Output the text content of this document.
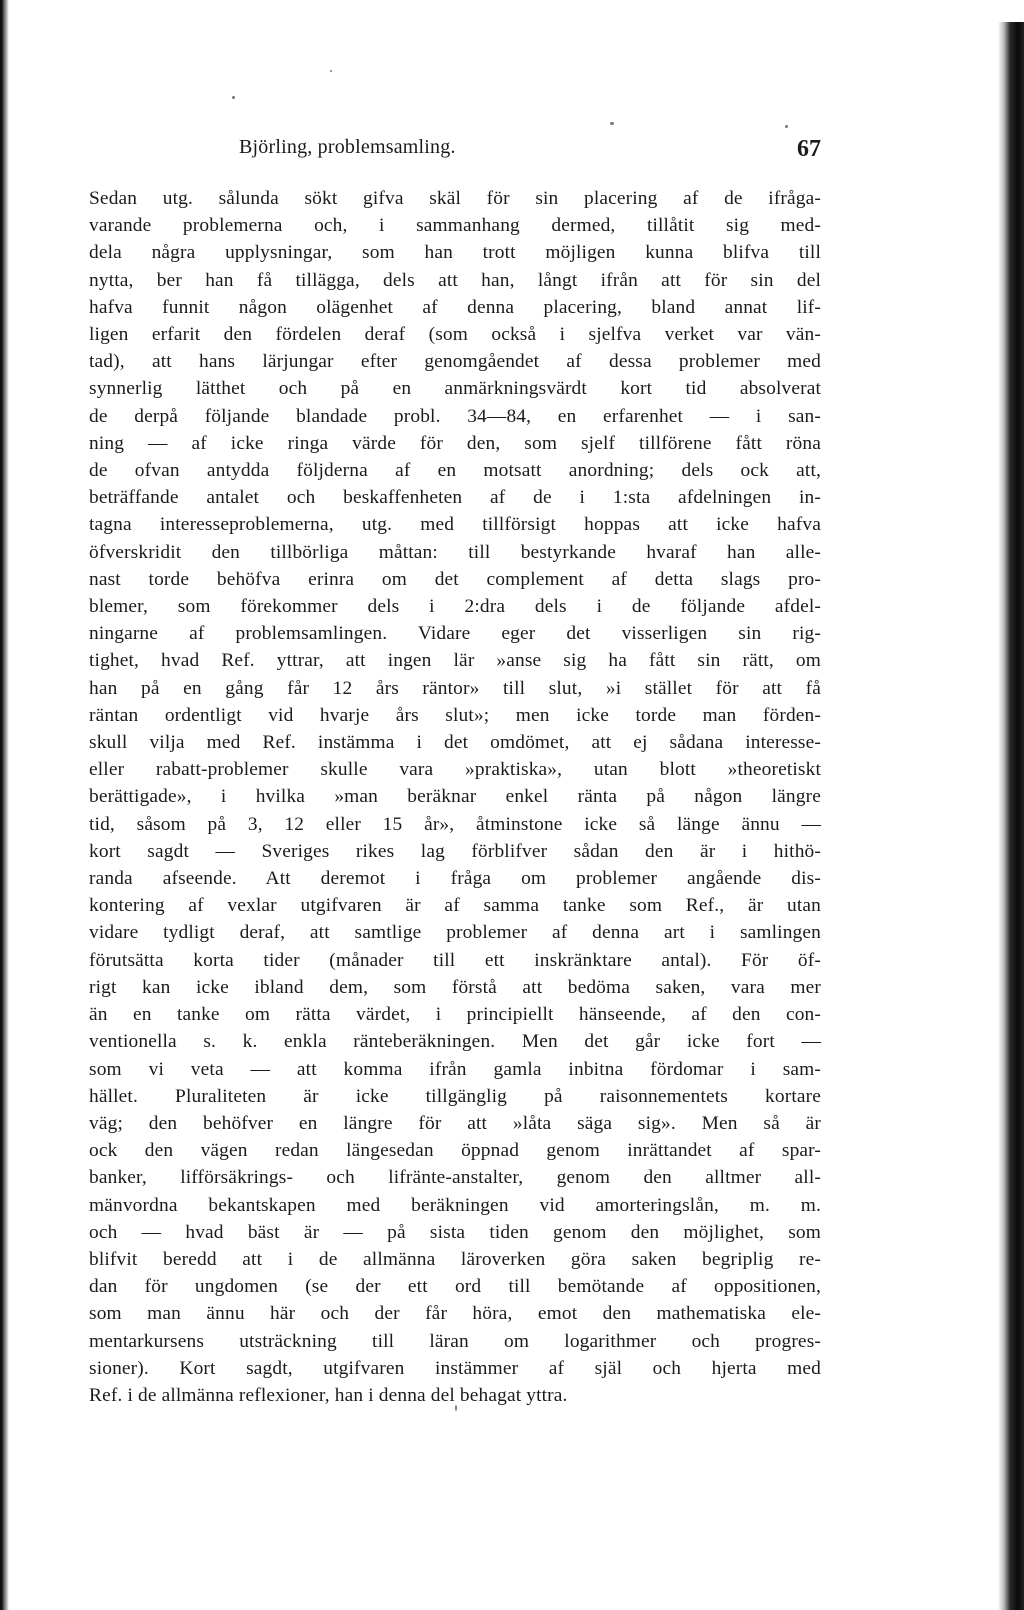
Björling, problemsamling.	67
Sedan utg. sålunda sökt gifva skäl för sin placering af de ifråga-
varande problemerna och, i sammanhang dermed, tillåtit sig med-
dela några upplysningar, som han trott möjligen kunna blifva till
nytta, ber han få tillägga, dels att han, långt ifrån att för sin del
hafva funnit någon olägenhet af denna placering, bland annat lif-
ligen erfarit den fördelen deraf (som också i sjelfva verket var vän-
tad), att hans lärjungar efter genomgåendet af dessa problemer med
synnerlig lätthet och på en anmärkningsvärdt kort tid absolverat
de derpå följande blandade probl. 34—84, en erfarenhet — i san-
ning — af icke ringa värde för den, som sjelf tillförene fått röna
de ofvan antydda följderna af en motsatt anordning; dels ock att,
beträffande antalet och beskaffenheten af de i 1:sta afdelningen in-
tagna interesseproblemerna, utg. med tillförsigt hoppas att icke hafva
öfverskridit den tillbörliga måttan: till bestyrkande hvaraf han alle-
nast torde behöfva erinra om det complement af detta slags pro-
blemer, som förekommer dels i 2:dra dels i de följande afdel-
ningarne af problemsamlingen. Vidare eger det visserligen sin rig-
tighet, hvad Ref. yttrar, att ingen lär »anse sig ha fått sin rätt, om
han på en gång får 12 års räntor» till slut, »i stället för att få
räntan ordentligt vid hvarje års slut»; men icke torde man förden-
skull vilja med Ref. instämma i det omdömet, att ej sådana interesse-
eller rabatt-problemer skulle vara »praktiska», utan blott »theoretiskt
berättigade», i hvilka »man beräknar enkel ränta på någon längre
tid, såsom på 3, 12 eller 15 år», åtminstone icke så länge ännu —
kort sagdt — Sveriges rikes lag förblifver sådan den är i hithö-
randa afseende. Att deremot i fråga om problemer angående dis-
kontering af vexlar utgifvaren är af samma tanke som Ref., är utan
vidare tydligt deraf, att samtlige problemer af denna art i samlingen
förutsätta korta tider (månader till ett inskränktare antal). För öf-
rigt kan icke ibland dem, som förstå att bedöma saken, vara mer
än en tanke om rätta värdet, i principiellt hänseende, af den con-
ventionella s. k. enkla ränteberäkningen. Men det går icke fort —
som vi veta — att komma ifrån gamla inbitna fördomar i sam-
hället. Pluraliteten är icke tillgänglig på raisonnementets kortare
väg; den behöfver en längre för att »låta säga sig». Men så är
ock den vägen redan längesedan öppnad genom inrättandet af spar-
banker, lifförsäkrings- och lifränte-anstalter, genom den alltmer all-
mänvordna bekantskapen med beräkningen vid amorteringslån, m. m.
och — hvad bäst är — på sista tiden genom den möjlighet, som
blifvit beredd att i de allmänna läroverken göra saken begriplig re-
dan för ungdomen (se der ett ord till bemötande af oppositionen,
som man ännu här och der får höra, emot den mathematiska ele-
mentarkursens utsträckning till läran om logarithmer och progres-
sioner). Kort sagdt, utgifvaren instämmer af själ och hjerta med
Ref. i de allmänna reflexioner, han i denna del behagat yttra.
